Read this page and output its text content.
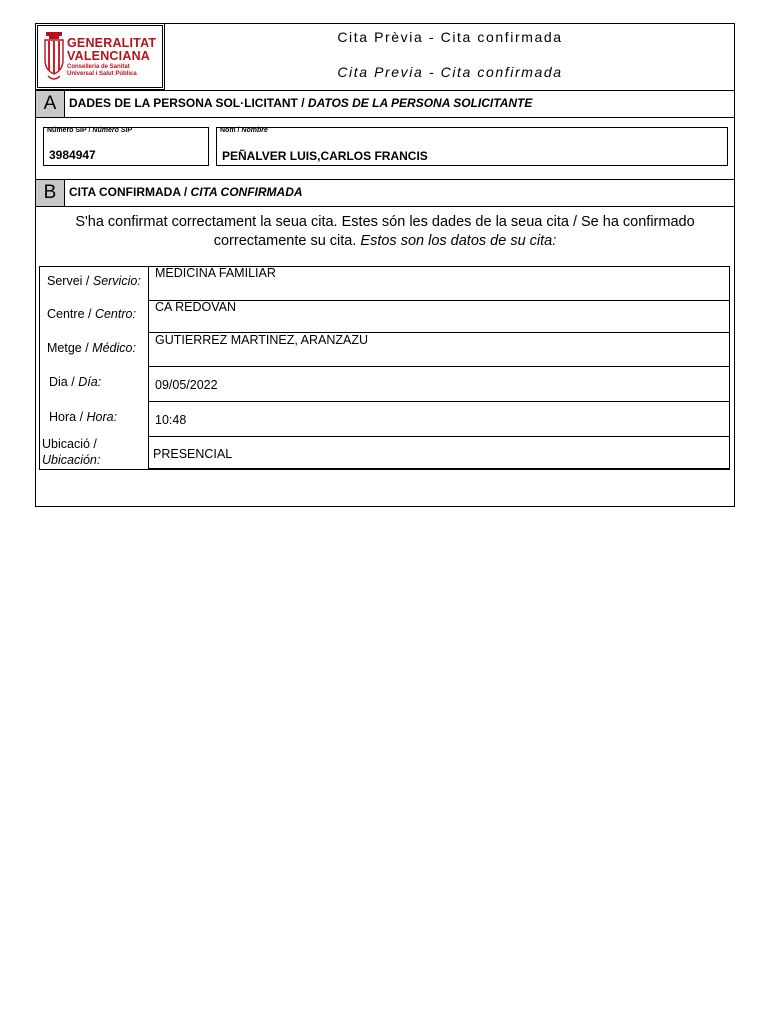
GENERALITAT
VALENCIANA
Conselleria de Sanitat
Universal i Salut Pública
Cita Prèvia - Cita confirmada
Cita Previa - Cita confirmada
A	DADES DE LA PERSONA SOL·LICITANT / DATOS DE LA PERSONA SOLICITANTE
Número SIP / Número SIP
3984947
Nom / Nombre
PEÑALVER LUIS,CARLOS FRANCIS
B	CITA CONFIRMADA / CITA CONFIRMADA
S'ha confirmat correctament la seua cita. Estes són les dades de la seua cita / Se ha confirmado
correctamente su cita. Estos son los datos de su cita:
Servei / Servicio:
MEDICINA FAMILIAR
Centre / Centro: CA REDOVAN
Metge / Médico:
GUTIERREZ MARTINEZ, ARANZAZU
Dia / Día:	09/05/2022
Hora / Hora:	10:48
Ubicació /
Ubicación:	PRESENCIAL
